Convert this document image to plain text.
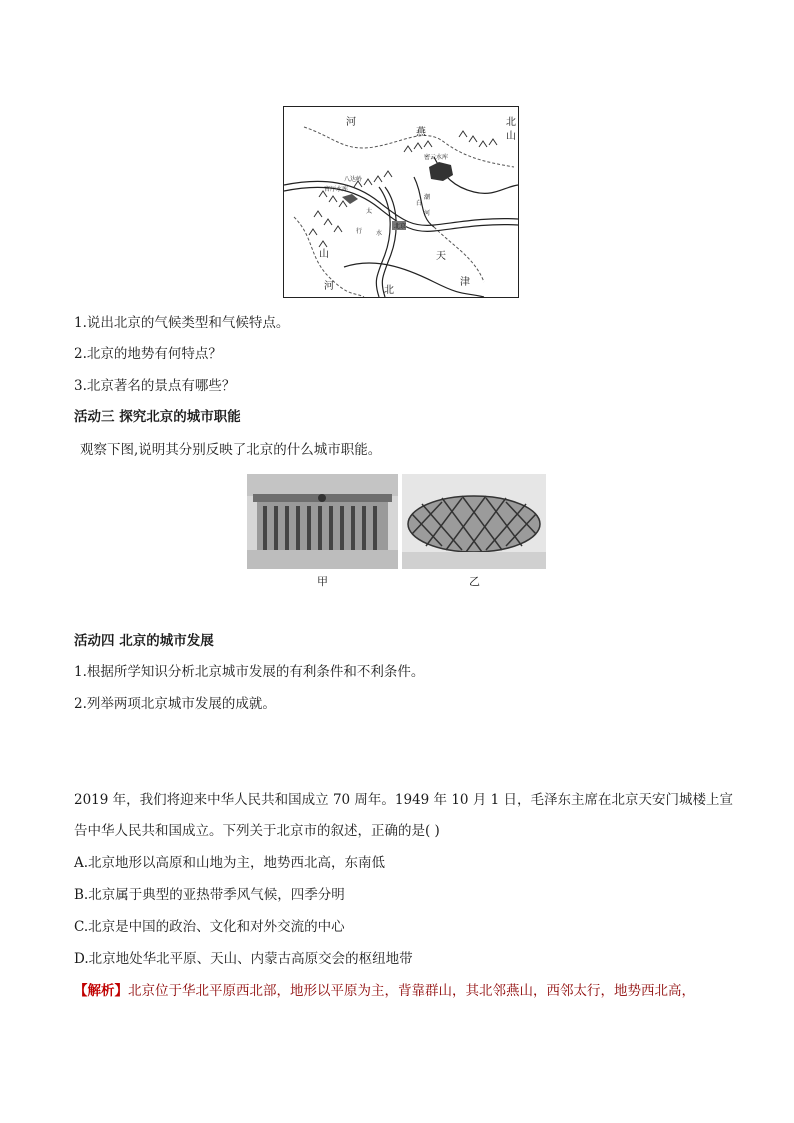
河	北
燕	山
天
津
河	北
山
密云水库
官厅水库
八达岭
潮
白
河
北京
太
行 水
1.说出北京的气候类型和气候特点。
2.北京的地势有何特点？
3.北京著名的景点有哪些？
活动三 探究北京的城市职能
观察下图,说明其分别反映了北京的什么城市职能。
甲	乙
活动四 北京的城市发展
1.根据所学知识分析北京城市发展的有利条件和不利条件。
2.列举两项北京城市发展的成就。
2019 年，我们将迎来中华人民共和国成立 70 周年。1949 年 10 月 1 日，毛泽东主席在北京天安门城楼上宣
告中华人民共和国成立。下列关于北京市的叙述，正确的是( )
A.北京地形以高原和山地为主，地势西北高，东南低
B.北京属于典型的亚热带季风气候，四季分明
C.北京是中国的政治、文化和对外交流的中心
D.北京地处华北平原、天山、内蒙古高原交会的枢纽地带
【解析】北京位于华北平原西北部，地形以平原为主，背靠群山，其北邻燕山，西邻太行，地势西北高，
